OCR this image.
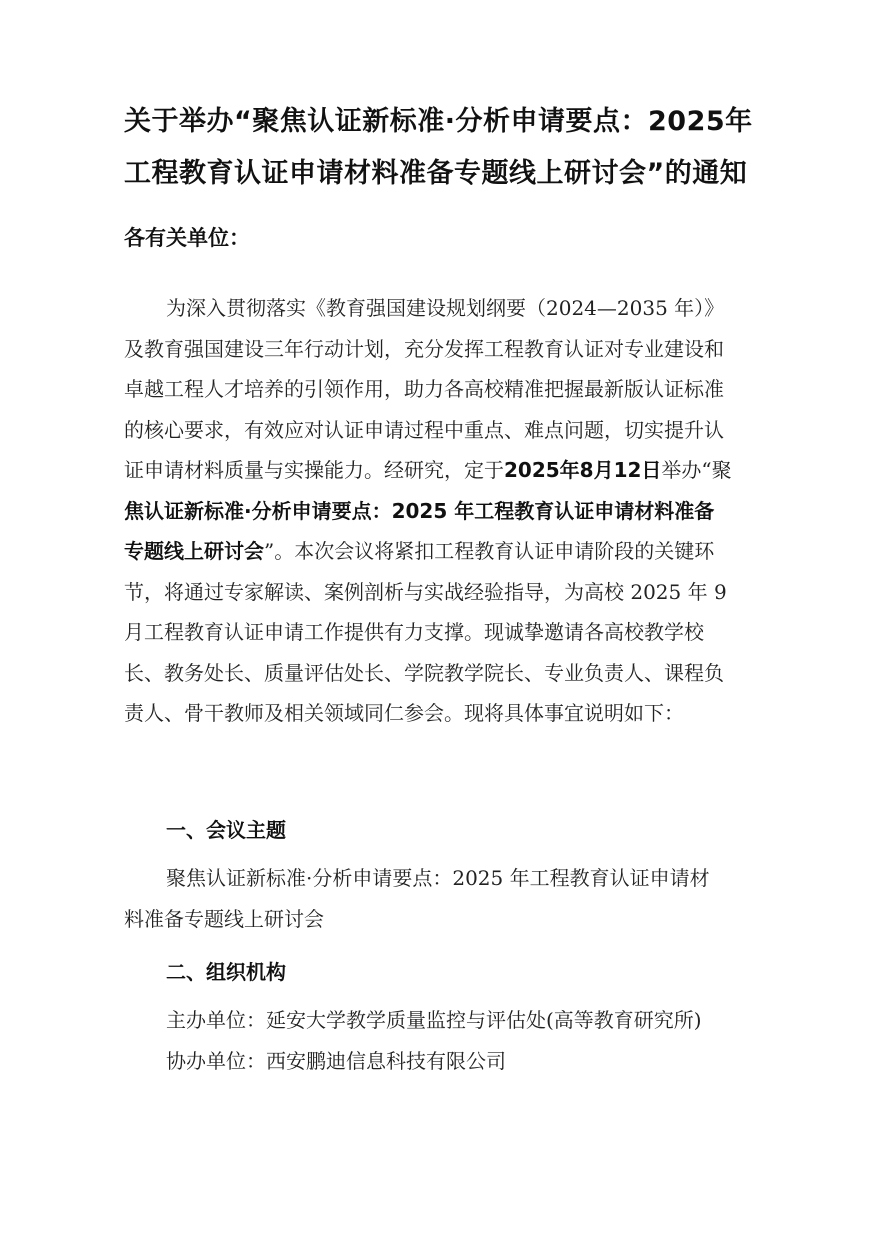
关于举办“聚焦认证新标准·分析申请要点：2025年
工程教育认证申请材料准备专题线上研讨会”的通知

各有关单位：

为深入贯彻落实《教育强国建设规划纲要（2024—2035 年）》
及教育强国建设三年行动计划，充分发挥工程教育认证对专业建设和
卓越工程人才培养的引领作用，助力各高校精准把握最新版认证标准
的核心要求，有效应对认证申请过程中重点、难点问题，切实提升认
证申请材料质量与实操能力。经研究，定于2025年8月12日举办“聚
焦认证新标准·分析申请要点：2025 年工程教育认证申请材料准备
专题线上研讨会”。本次会议将紧扣工程教育认证申请阶段的关键环
节，将通过专家解读、案例剖析与实战经验指导，为高校 2025 年 9
月工程教育认证申请工作提供有力支撑。现诚挚邀请各高校教学校
长、教务处长、质量评估处长、学院教学院长、专业负责人、课程负
责人、骨干教师及相关领域同仁参会。现将具体事宜说明如下：

一、会议主题

聚焦认证新标准·分析申请要点：2025 年工程教育认证申请材
料准备专题线上研讨会

二、组织机构

主办单位：延安大学教学质量监控与评估处(高等教育研究所)
协办单位：西安鹏迪信息科技有限公司
